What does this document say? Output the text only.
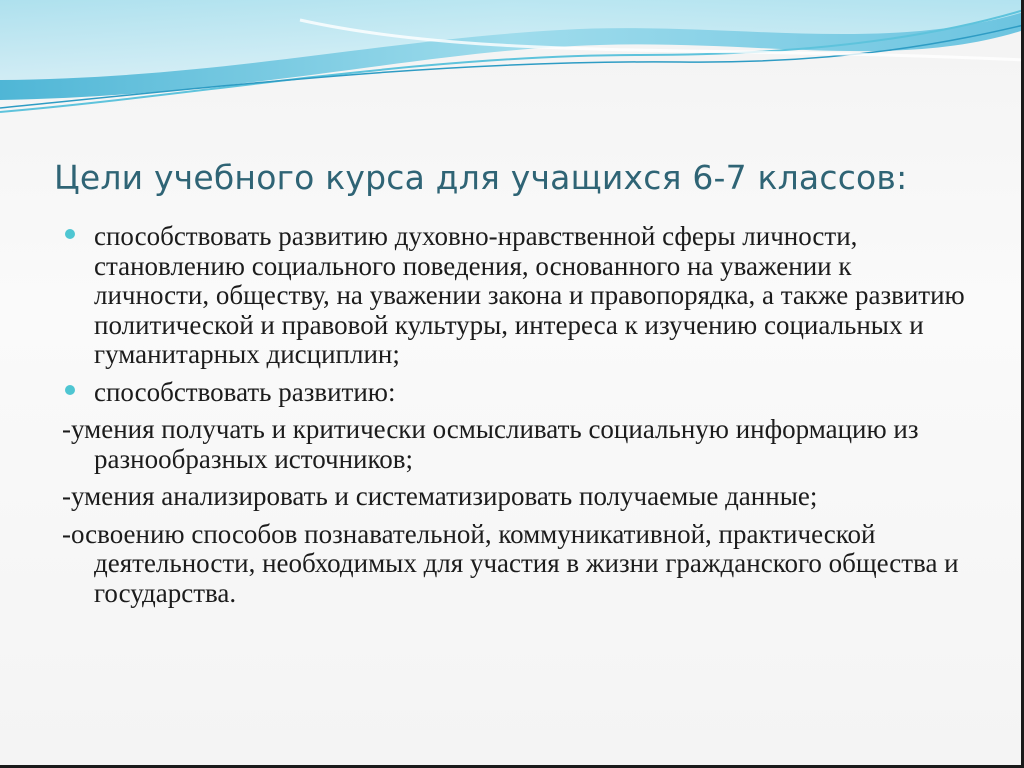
Цели учебного курса для учащихся 6-7 классов:

способствовать развитию духовно-нравственной сферы личности, становлению социального поведения, основанного на уважении к личности, обществу, на уважении закона и правопорядка, а также развитию политической и правовой культуры, интереса к изучению социальных и гуманитарных дисциплин;

способствовать развитию:

-умения получать и критически осмысливать социальную информацию из разнообразных источников;

-умения анализировать и систематизировать получаемые данные;

-освоению способов познавательной, коммуникативной, практической деятельности, необходимых для участия в жизни гражданского общества и государства.
